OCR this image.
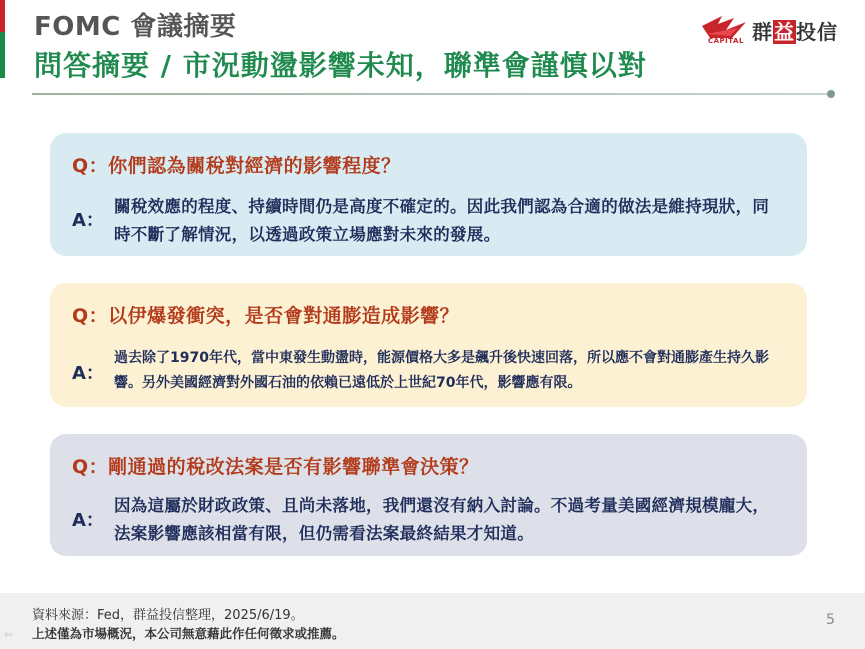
FOMC 會議摘要
問答摘要 / 市況動盪影響未知，聯準會謹慎以對
CAPITAL 群益投信
Q：你們認為關稅對經濟的影響程度？
A：
關稅效應的程度、持續時間仍是高度不確定的。因此我們認為合適的做法是維持現狀，同時不斷了解情況，以透過政策立場應對未來的發展。
Q：以伊爆發衝突，是否會對通膨造成影響？
A：
過去除了1970年代，當中東發生動盪時，能源價格大多是飆升後快速回落，所以應不會對通膨產生持久影響。另外美國經濟對外國石油的依賴已遠低於上世紀70年代，影響應有限。
Q：剛通過的稅改法案是否有影響聯準會決策？
A：
因為這屬於財政政策、且尚未落地，我們還沒有納入討論。不過考量美國經濟規模龐大，法案影響應該相當有限，但仍需看法案最終結果才知道。
資料來源：Fed，群益投信整理，2025/6/19。
上述僅為市場概況，本公司無意藉此作任何徵求或推薦。
5
⇦
